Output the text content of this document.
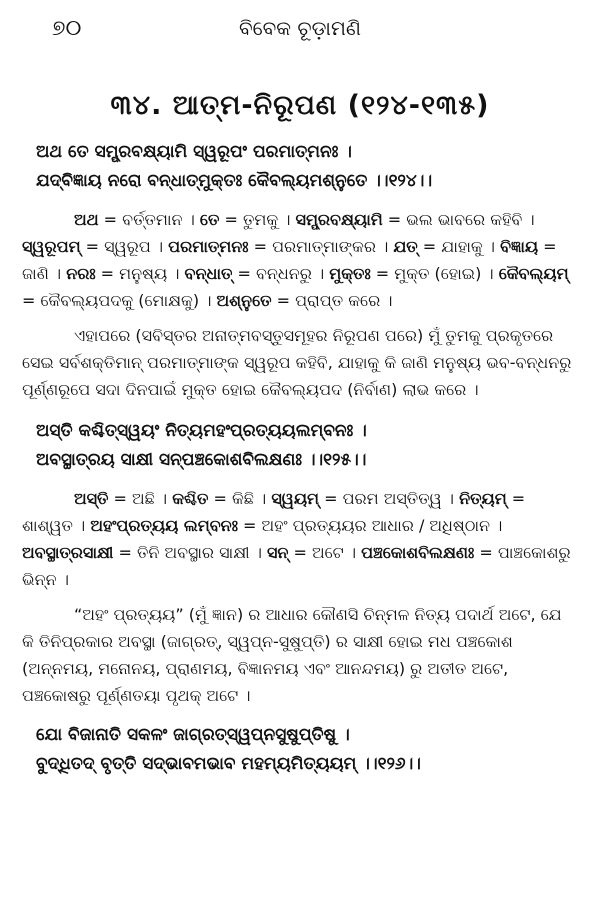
୭୦	ବିବେକ ଚୂଡ଼ାମଣି
୩୪. ଆତ୍ମ-ନିରୂପଣ (୧୨୪-୧୩୫)
ଅଥ ତେ ସମ୍ପ୍ରବକ୍ଷ୍ୟାମି ସ୍ୱରୂପଂ ପରମାତ୍ମନଃ ।
ଯଦ୍‌ବିଜ୍ଞାୟ ନରୋ ବନ୍ଧାତ୍ମୁକ୍ତଃ କୈବଲ୍ୟମଶ୍ନୁତେ ।।୧୨୪।।
ଅଥ = ବର୍ତ୍ତମାନ । ତେ = ତୁମକୁ । ସମ୍ପ୍ରବକ୍ଷ୍ୟାମି = ଭଲ ଭାବରେ କହିବି । ସ୍ୱରୂପମ୍ = ସ୍ୱରୂପ । ପରମାତ୍ମନଃ = ପରମାତ୍ମାଙ୍କର । ଯତ୍ = ଯାହାକୁ । ବିଜ୍ଞାୟ = ଜାଣି । ନରଃ = ମନୁଷ୍ୟ । ବନ୍ଧାତ୍ = ବନ୍ଧନରୁ । ମୁକ୍ତଃ = ମୁକ୍ତ (ହୋଇ) । କୈବଲ୍ୟମ୍ = କୈବଲ୍ୟପଦକୁ (ମୋକ୍ଷକୁ) । ଅଶ୍ନୁତେ = ପ୍ରାପ୍ତ କରେ ।
ଏହାପରେ (ସବିସ୍ତର ଅନାତ୍ମବସ୍ତୁସମୂହର ନିରୂପଣ ପରେ) ମୁଁ ତୁମକୁ ପ୍ରକୃତରେ ସେଇ ସର୍ବଶକ୍ତିମାନ୍ ପରମାତ୍ମାଙ୍କ ସ୍ୱରୂପ କହିବି, ଯାହାକୁ କି ଜାଣି ମନୁଷ୍ୟ ଭବ-ବନ୍ଧନରୁ ପୂର୍ଣ୍ଣରୂପେ ସଦା ଦିନପାଇଁ ମୁକ୍ତ ହୋଇ କୈବଲ୍ୟପଦ (ନିର୍ବାଣ) ଲାଭ କରେ ।
ଅସ୍ତି କଶ୍ଚିତ୍‌ସ୍ୱୟଂ ନିତ୍ୟମହଂପ୍ରତ୍ୟୟଲମ୍ବନଃ ।
ଅବସ୍ଥାତ୍ରୟ ସାକ୍ଷୀ ସନ୍‌ପଞ୍ଚକୋଶବିଲକ୍ଷଣଃ ।।୧୨୫।।
ଅସ୍ତି = ଅଛି । କଶ୍ଚିତ = କିଛି । ସ୍ୱୟମ୍ = ପରମ ଅସ୍ତିତ୍ୱ । ନିତ୍ୟମ୍ = ଶାଶ୍ୱତ । ଅହଂପ୍ରତ୍ୟୟ ଲମ୍ବନଃ = ଅହଂ ପ୍ରତ୍ୟୟର ଆଧାର / ଅଧିଷ୍ଠାନ । ଅବସ୍ଥାତ୍ରସାକ୍ଷୀ = ତିନି ଅବସ୍ଥାର ସାକ୍ଷୀ । ସନ୍ = ଅଟେ । ପଞ୍ଚକୋଶବିଲକ୍ଷଣଃ = ପାଞ୍ଚକୋଶରୁ ଭିନ୍ନ ।
“ଅହଂ ପ୍ରତ୍ୟୟ” (ମୁଁ ଜ୍ଞାନ) ର ଆଧାର କୌଣସି ଚିନ୍ମଳ ନିତ୍ୟ ପଦାର୍ଥ ଅଟେ, ଯେ କି ତିନିପ୍ରକାର ଅବସ୍ଥା (ଜାଗ୍ରତ୍, ସ୍ୱପ୍ନ-ସୁଷୁପ୍ତି) ର ସାକ୍ଷୀ ହୋଇ ମଧ ପଞ୍ଚକୋଶ (ଅନ୍ନମୟ, ମନୋନୟ, ପ୍ରାଣମୟ, ବିଜ୍ଞାନମୟ ଏବଂ ଆନନ୍ଦମୟ) ରୁ ଅତୀତ ଅଟେ, ପଞ୍ଚକୋଷରୁ ପୂର୍ଣ୍ଣତୟା ପୃଥକ୍ ଅଟେ ।
ଯୋ ବିଜାନାତି ସକଳଂ ଜାଗ୍ରତ୍‌ସ୍ୱପ୍ନସୁଷୁପ୍ତିଷୁ ।
ବୁଦ୍ଧିତଦ୍ ବୃତ୍ତି ସଦ୍‌ଭାବମଭାବ ମହମ୍ୟମିତ୍ୟୟମ୍ ।।୧୨୬।।
